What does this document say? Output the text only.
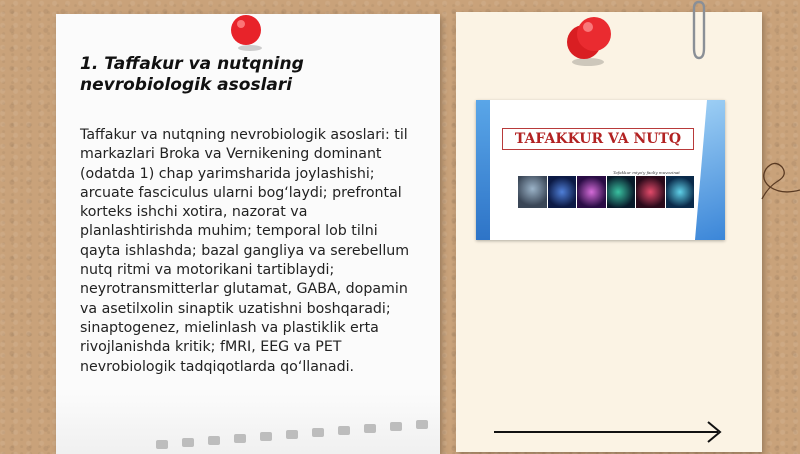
1. Taffakur va nutqning nevrobiologik asoslari

Taffakur va nutqning nevrobiologik asoslari: til markazlari Broka va Vernikening dominant (odatda 1) chap yarimsharida joylashishi; arcuate fasciculus ularni bog‘laydi; prefrontal korteks ishchi xotira, nazorat va planlashtirishda muhim; temporal lob tilni qayta ishlashda; bazal gangliya va serebellum nutq ritmi va motorikani tartiblaydi; neyrotransmitterlar glutamat, GABA, dopamin va asetilxolin sinaptik uzatishni boshqaradi; sinaptogenez, mielinlash va plastiklik erta rivojlanishda kritik; fMRI, EEG va PET nevrobiologik tadqiqotlarda qo‘llanadi.

TAFAKKUR VA NUTQ
Tafakkur miya'y faoliy muvozinat
